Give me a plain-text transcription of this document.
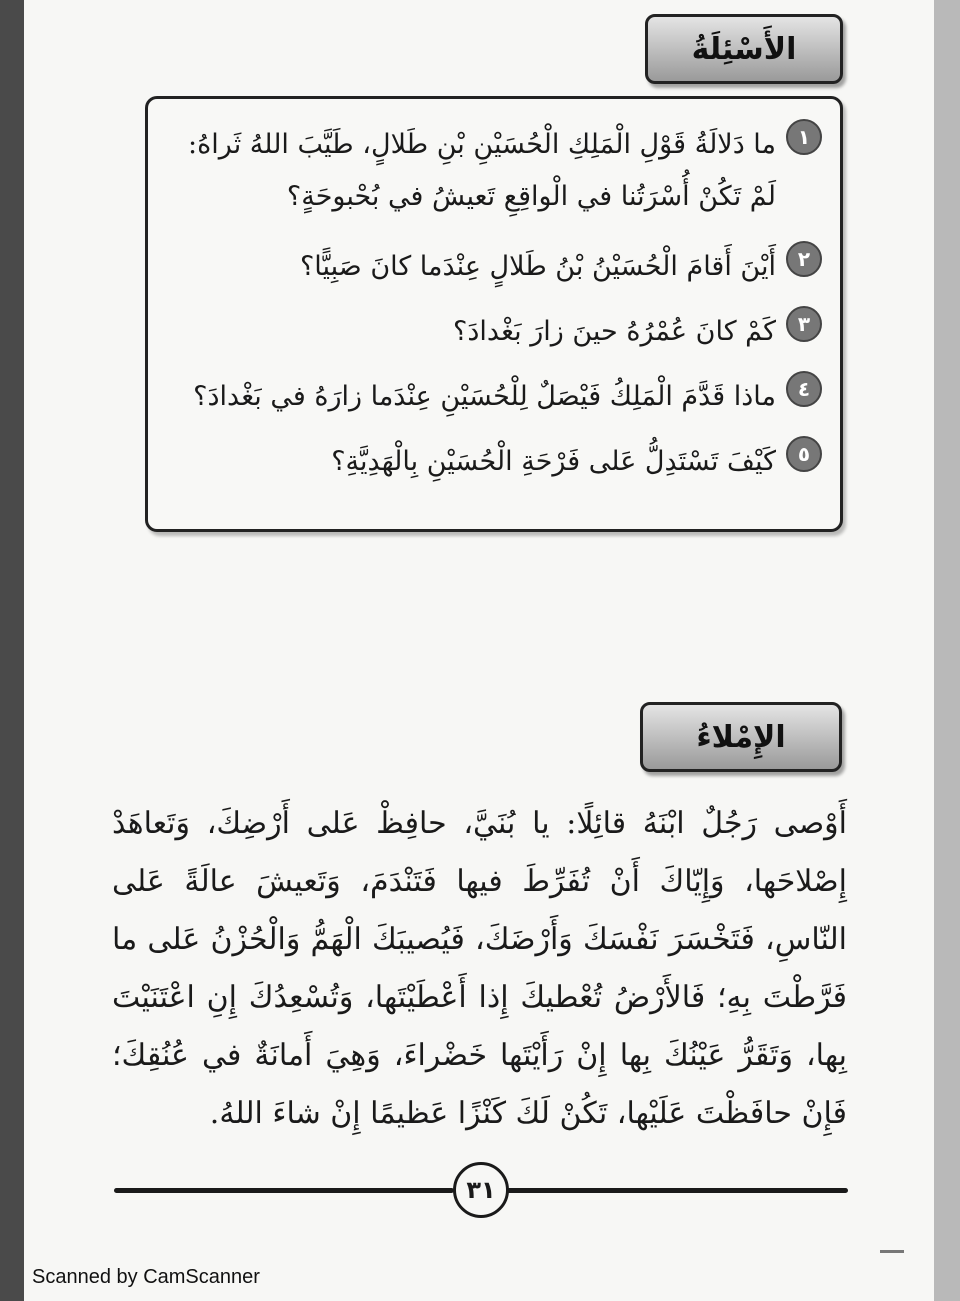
الأَسْئِلَةُ
١
ما دَلالَةُ قَوْلِ الْمَلِكِ الْحُسَيْنِ بْنِ طَلالٍ، طَيَّبَ اللهُ ثَراهُ: لَمْ تَكُنْ أُسْرَتُنا في الْواقِعِ تَعيشُ في بُحْبوحَةٍ؟
٢
أَيْنَ أَقامَ الْحُسَيْنُ بْنُ طَلالٍ عِنْدَما كانَ صَبِيًّا؟
٣
كَمْ كانَ عُمْرُهُ حينَ زارَ بَغْدادَ؟
٤
ماذا قَدَّمَ الْمَلِكُ فَيْصَلٌ لِلْحُسَيْنِ عِنْدَما زارَهُ في بَغْدادَ؟
٥
كَيْفَ تَسْتَدِلُّ عَلى فَرْحَةِ الْحُسَيْنِ بِالْهَدِيَّةِ؟
الإِمْلاءُ
أَوْصى رَجُلٌ ابْنَهُ قائِلًا: يا بُنَيَّ، حافِظْ عَلى أَرْضِكَ، وَتَعاهَدْ إِصْلاحَها، وَإِيّاكَ أَنْ تُفَرِّطَ فيها فَتَنْدَمَ، وَتَعيشَ عالَةً عَلى النّاسِ، فَتَخْسَرَ نَفْسَكَ وَأَرْضَكَ، فَيُصيبَكَ الْهَمُّ وَالْحُزْنُ عَلى ما فَرَّطْتَ بِهِ؛ فَالأَرْضُ تُعْطيكَ إِذا أَعْطَيْتَها، وَتُسْعِدُكَ إِنِ اعْتَنَيْتَ بِها، وَتَقَرُّ عَيْنُكَ بِها إِنْ رَأَيْتَها خَضْراءَ، وَهِيَ أَمانَةٌ في عُنُقِكَ؛ فَإِنْ حافَظْتَ عَلَيْها، تَكُنْ لَكَ كَنْزًا عَظيمًا إِنْ شاءَ اللهُ.
٣١
Scanned by CamScanner
